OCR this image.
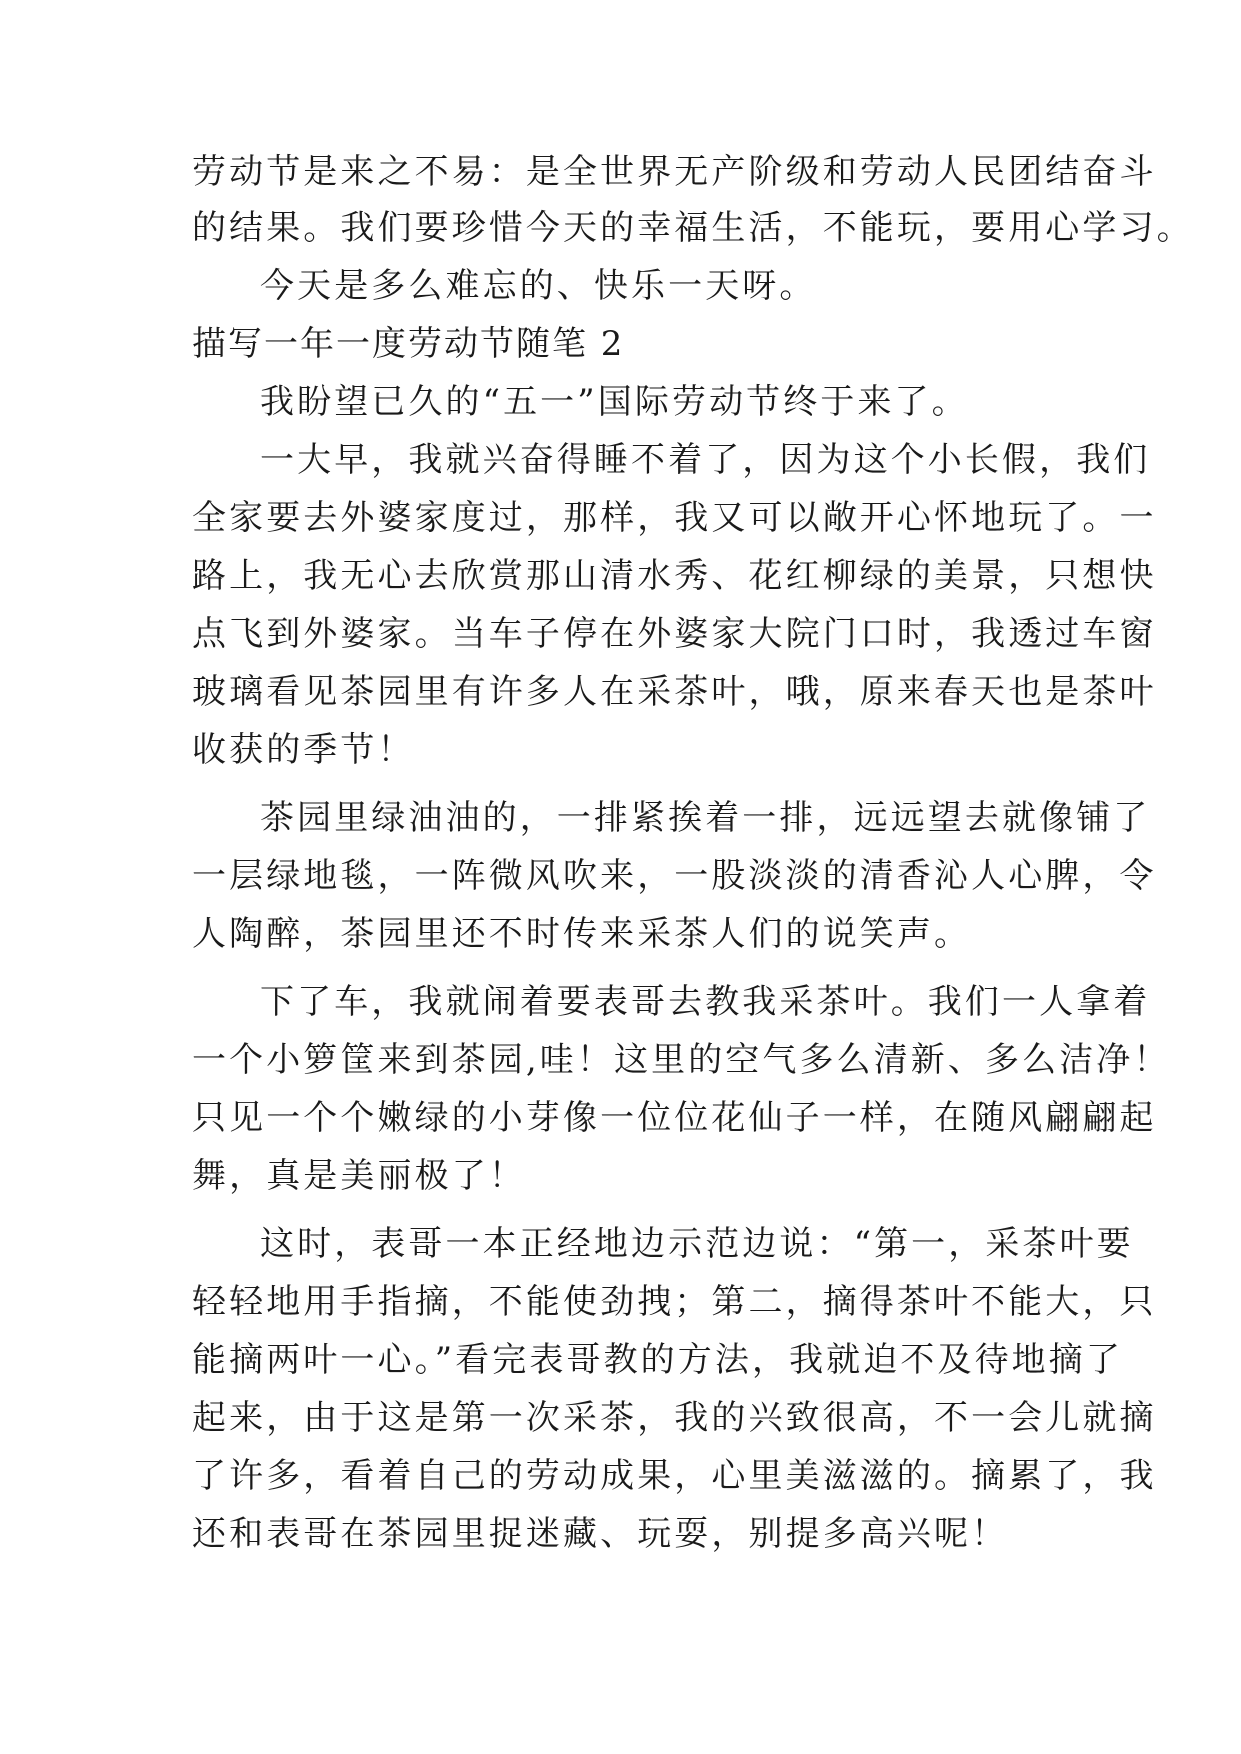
劳动节是来之不易：是全世界无产阶级和劳动人民团结奋斗

的结果。我们要珍惜今天的幸福生活，不能玩，要用心学习。

今天是多么难忘的、快乐一天呀。

描写一年一度劳动节随笔 2

我盼望已久的“五一”国际劳动节终于来了。

一大早，我就兴奋得睡不着了，因为这个小长假，我们

全家要去外婆家度过，那样，我又可以敞开心怀地玩了。一

路上，我无心去欣赏那山清水秀、花红柳绿的美景，只想快

点飞到外婆家。当车子停在外婆家大院门口时，我透过车窗

玻璃看见茶园里有许多人在采茶叶，哦，原来春天也是茶叶

收获的季节！

茶园里绿油油的，一排紧挨着一排，远远望去就像铺了

一层绿地毯，一阵微风吹来，一股淡淡的清香沁人心脾，令

人陶醉，茶园里还不时传来采茶人们的说笑声。

下了车，我就闹着要表哥去教我采茶叶。我们一人拿着

一个小箩筐来到茶园,哇！这里的空气多么清新、多么洁净！

只见一个个嫩绿的小芽像一位位花仙子一样，在随风翩翩起

舞，真是美丽极了！

这时，表哥一本正经地边示范边说：“第一，采茶叶要

轻轻地用手指摘，不能使劲拽；第二，摘得茶叶不能大，只

能摘两叶一心。”看完表哥教的方法，我就迫不及待地摘了

起来，由于这是第一次采茶，我的兴致很高，不一会儿就摘

了许多，看着自己的劳动成果，心里美滋滋的。摘累了，我

还和表哥在茶园里捉迷藏、玩耍，别提多高兴呢！
